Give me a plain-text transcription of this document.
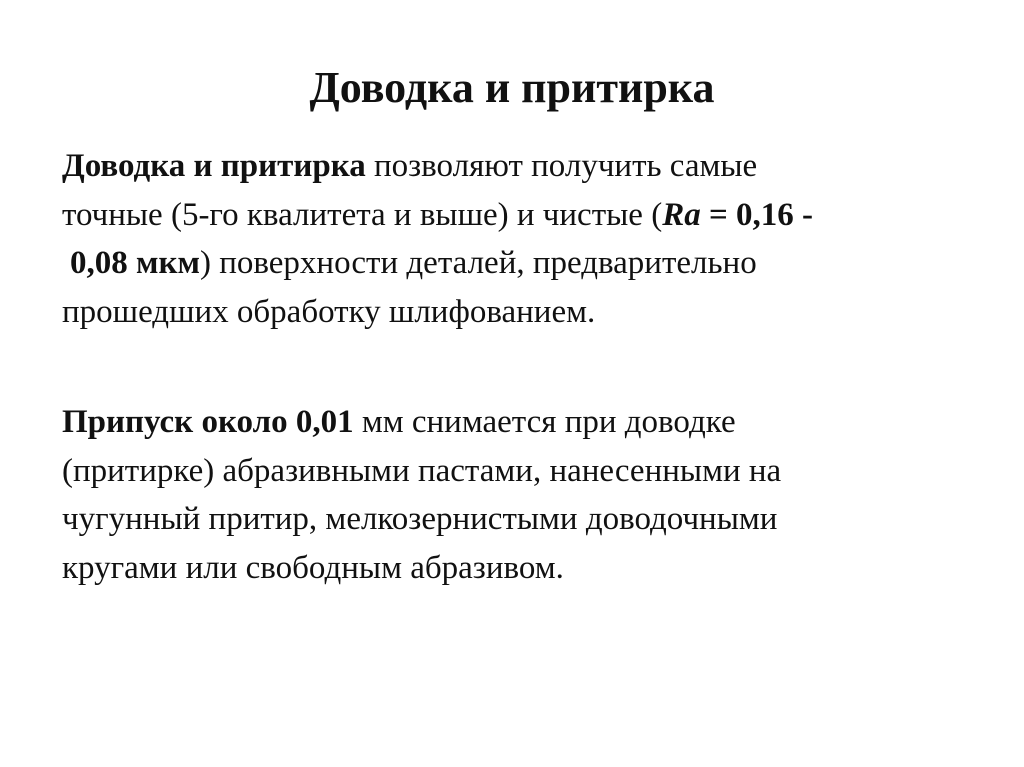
Доводка и притирка
Доводка и притирка позволяют получить самые
точные (5-го квалитета и выше) и чистые (Ra = 0,16 -
0,08 мкм) поверхности деталей, предварительно
прошедших обработку шлифованием.
Припуск около 0,01 мм снимается при доводке
(притирке) абразивными пастами, нанесенными на
чугунный притир, мелкозернистыми доводочными
кругами или свободным абразивом.
